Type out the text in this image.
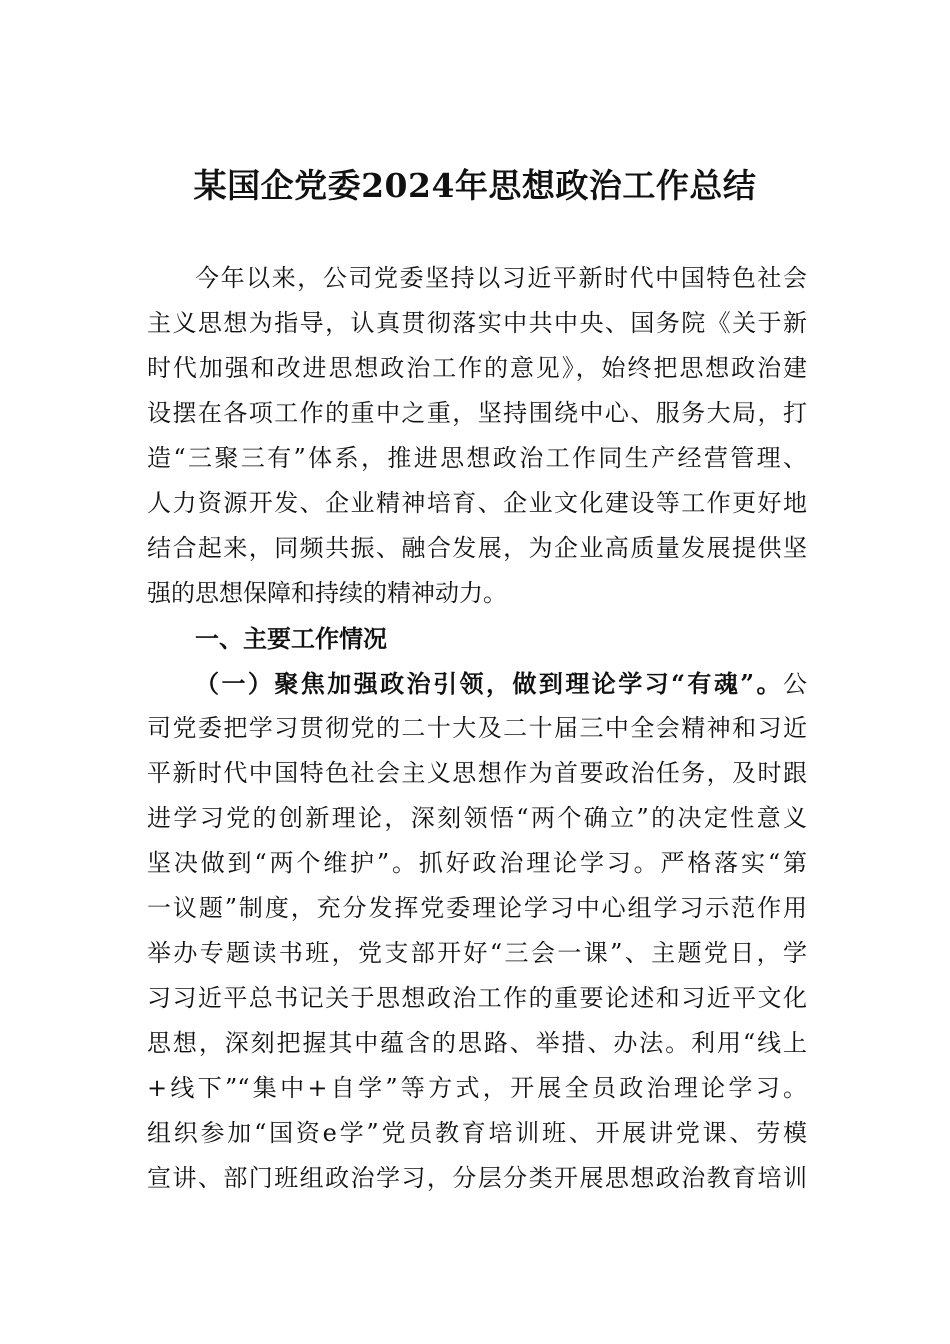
某国企党委2024年思想政治工作总结
今年以来，公司党委坚持以习近平新时代中国特色社会
主义思想为指导，认真贯彻落实中共中央、国务院《关于新
时代加强和改进思想政治工作的意见》，始终把思想政治建
设摆在各项工作的重中之重，坚持围绕中心、服务大局，打
造“三聚三有”体系，推进思想政治工作同生产经营管理、
人力资源开发、企业精神培育、企业文化建设等工作更好地
结合起来，同频共振、融合发展，为企业高质量发展提供坚
强的思想保障和持续的精神动力。
一、主要工作情况
（一）聚焦加强政治引领，做到理论学习“有魂”。公
司党委把学习贯彻党的二十大及二十届三中全会精神和习近
平新时代中国特色社会主义思想作为首要政治任务，及时跟
进学习党的创新理论，深刻领悟“两个确立”的决定性意义
坚决做到“两个维护”。抓好政治理论学习。严格落实“第
一议题”制度，充分发挥党委理论学习中心组学习示范作用
举办专题读书班，党支部开好“三会一课”、主题党日，学
习习近平总书记关于思想政治工作的重要论述和习近平文化
思想，深刻把握其中蕴含的思路、举措、办法。利用“线上
+线下”“集中+自学”等方式，开展全员政治理论学习。
组织参加“国资e学”党员教育培训班、开展讲党课、劳模
宣讲、部门班组政治学习，分层分类开展思想政治教育培训
